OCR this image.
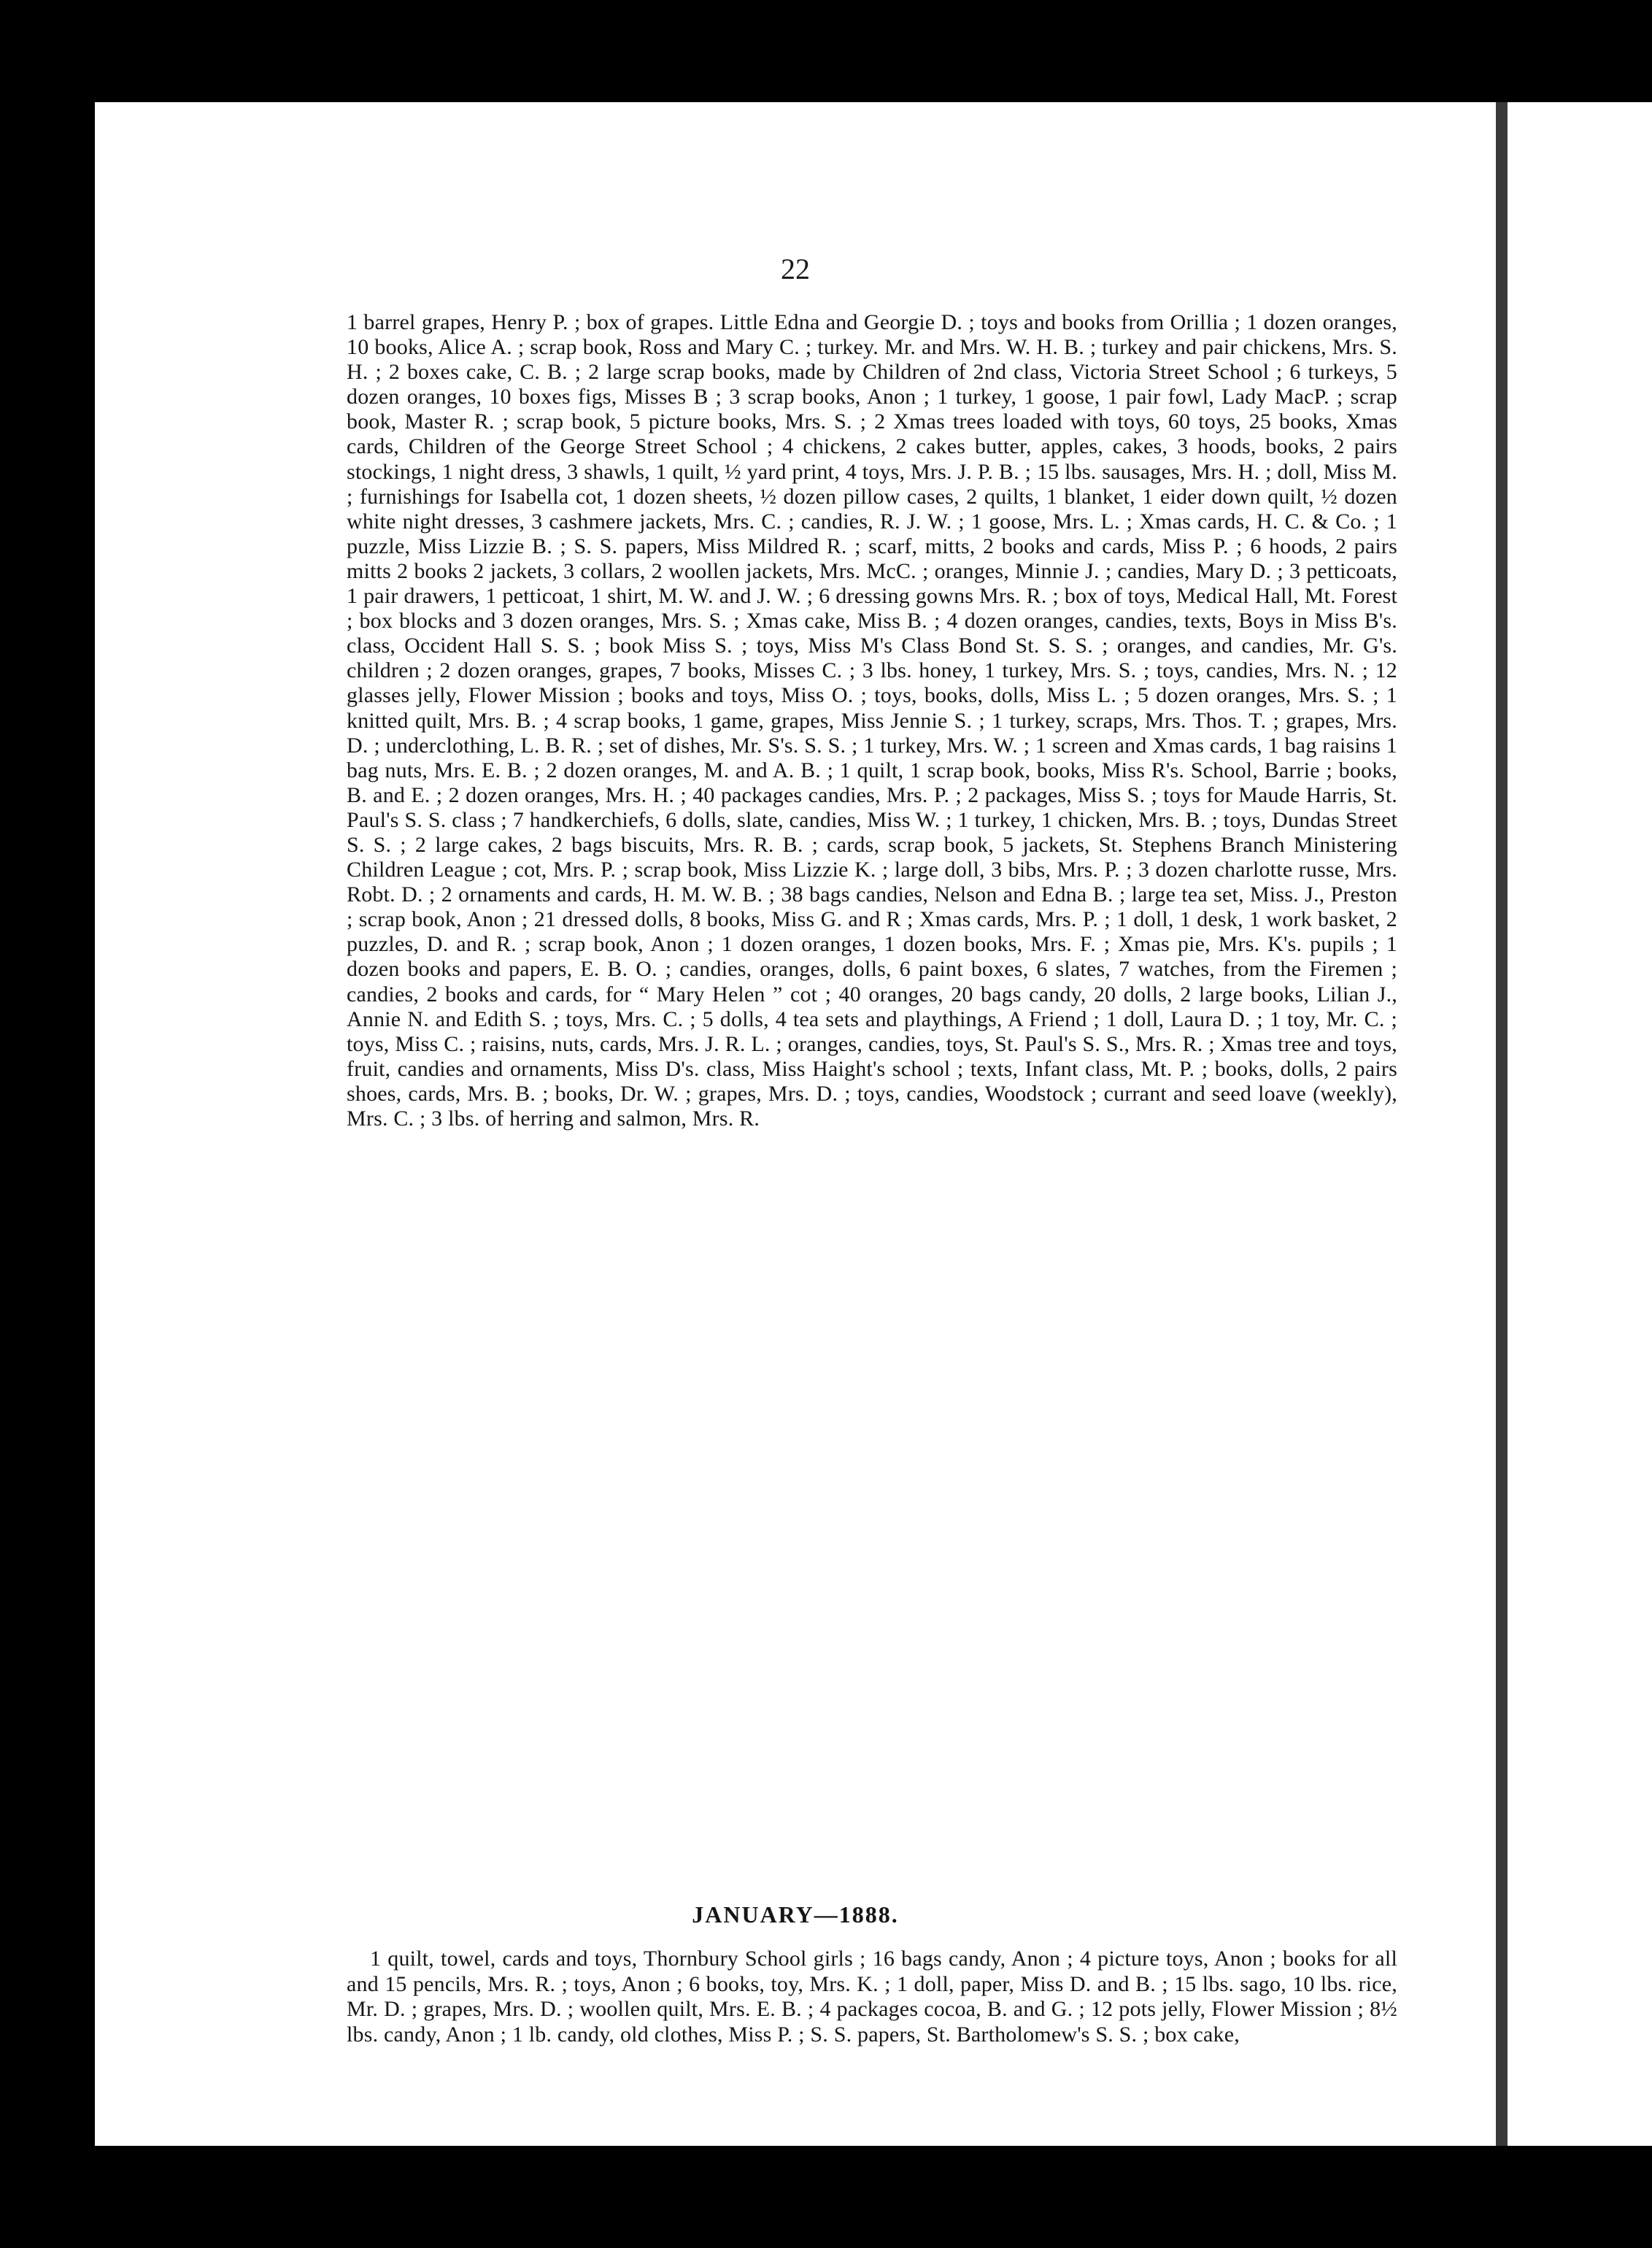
22

1 barrel grapes, Henry P. ; box of grapes. Little Edna and Georgie D. ; toys and books from Orillia ; 1 dozen oranges, 10 books, Alice A. ; scrap book, Ross and Mary C. ; turkey. Mr. and Mrs. W. H. B. ; turkey and pair chickens, Mrs. S. H. ; 2 boxes cake, C. B. ; 2 large scrap books, made by Children of 2nd class, Victoria Street School ; 6 turkeys, 5 dozen oranges, 10 boxes figs, Misses B ; 3 scrap books, Anon ; 1 turkey, 1 goose, 1 pair fowl, Lady MacP. ; scrap book, Master R. ; scrap book, 5 picture books, Mrs. S. ; 2 Xmas trees loaded with toys, 60 toys, 25 books, Xmas cards, Children of the George Street School ; 4 chickens, 2 cakes butter, apples, cakes, 3 hoods, books, 2 pairs stockings, 1 night dress, 3 shawls, 1 quilt, ½ yard print, 4 toys, Mrs. J. P. B. ; 15 lbs. sausages, Mrs. H. ; doll, Miss M. ; furnishings for Isabella cot, 1 dozen sheets, ½ dozen pillow cases, 2 quilts, 1 blanket, 1 eider down quilt, ½ dozen white night dresses, 3 cashmere jackets, Mrs. C. ; candies, R. J. W. ; 1 goose, Mrs. L. ; Xmas cards, H. C. & Co. ; 1 puzzle, Miss Lizzie B. ; S. S. papers, Miss Mildred R. ; scarf, mitts, 2 books and cards, Miss P. ; 6 hoods, 2 pairs mitts 2 books 2 jackets, 3 collars, 2 woollen jackets, Mrs. McC. ; oranges, Minnie J. ; candies, Mary D. ; 3 petticoats, 1 pair drawers, 1 petticoat, 1 shirt, M. W. and J. W. ; 6 dressing gowns Mrs. R. ; box of toys, Medical Hall, Mt. Forest ; box blocks and 3 dozen oranges, Mrs. S. ; Xmas cake, Miss B. ; 4 dozen oranges, candies, texts, Boys in Miss B's. class, Occident Hall S. S. ; book Miss S. ; toys, Miss M's Class Bond St. S. S. ; oranges, and candies, Mr. G's. children ; 2 dozen oranges, grapes, 7 books, Misses C. ; 3 lbs. honey, 1 turkey, Mrs. S. ; toys, candies, Mrs. N. ; 12 glasses jelly, Flower Mission ; books and toys, Miss O. ; toys, books, dolls, Miss L. ; 5 dozen oranges, Mrs. S. ; 1 knitted quilt, Mrs. B. ; 4 scrap books, 1 game, grapes, Miss Jennie S. ; 1 turkey, scraps, Mrs. Thos. T. ; grapes, Mrs. D. ; underclothing, L. B. R. ; set of dishes, Mr. S's. S. S. ; 1 turkey, Mrs. W. ; 1 screen and Xmas cards, 1 bag raisins 1 bag nuts, Mrs. E. B. ; 2 dozen oranges, M. and A. B. ; 1 quilt, 1 scrap book, books, Miss R's. School, Barrie ; books, B. and E. ; 2 dozen oranges, Mrs. H. ; 40 packages candies, Mrs. P. ; 2 packages, Miss S. ; toys for Maude Harris, St. Paul's S. S. class ; 7 handkerchiefs, 6 dolls, slate, candies, Miss W. ; 1 turkey, 1 chicken, Mrs. B. ; toys, Dundas Street S. S. ; 2 large cakes, 2 bags biscuits, Mrs. R. B. ; cards, scrap book, 5 jackets, St. Stephens Branch Ministering Children League ; cot, Mrs. P. ; scrap book, Miss Lizzie K. ; large doll, 3 bibs, Mrs. P. ; 3 dozen charlotte russe, Mrs. Robt. D. ; 2 ornaments and cards, H. M. W. B. ; 38 bags candies, Nelson and Edna B. ; large tea set, Miss. J., Preston ; scrap book, Anon ; 21 dressed dolls, 8 books, Miss G. and R ; Xmas cards, Mrs. P. ; 1 doll, 1 desk, 1 work basket, 2 puzzles, D. and R. ; scrap book, Anon ; 1 dozen oranges, 1 dozen books, Mrs. F. ; Xmas pie, Mrs. K's. pupils ; 1 dozen books and papers, E. B. O. ; candies, oranges, dolls, 6 paint boxes, 6 slates, 7 watches, from the Firemen ; candies, 2 books and cards, for “ Mary Helen ” cot ; 40 oranges, 20 bags candy, 20 dolls, 2 large books, Lilian J., Annie N. and Edith S. ; toys, Mrs. C. ; 5 dolls, 4 tea sets and playthings, A Friend ; 1 doll, Laura D. ; 1 toy, Mr. C. ; toys, Miss C. ; raisins, nuts, cards, Mrs. J. R. L. ; oranges, candies, toys, St. Paul's S. S., Mrs. R. ; Xmas tree and toys, fruit, candies and ornaments, Miss D's. class, Miss Haight's school ; texts, Infant class, Mt. P. ; books, dolls, 2 pairs shoes, cards, Mrs. B. ; books, Dr. W. ; grapes, Mrs. D. ; toys, candies, Woodstock ; currant and seed loave (weekly), Mrs. C. ; 3 lbs. of herring and salmon, Mrs. R.

JANUARY—1888.

1 quilt, towel, cards and toys, Thornbury School girls ; 16 bags candy, Anon ; 4 picture toys, Anon ; books for all and 15 pencils, Mrs. R. ; toys, Anon ; 6 books, toy, Mrs. K. ; 1 doll, paper, Miss D. and B. ; 15 lbs. sago, 10 lbs. rice, Mr. D. ; grapes, Mrs. D. ; woollen quilt, Mrs. E. B. ; 4 packages cocoa, B. and G. ; 12 pots jelly, Flower Mission ; 8½ lbs. candy, Anon ; 1 lb. candy, old clothes, Miss P. ; S. S. papers, St. Bartholomew's S. S. ; box cake,
